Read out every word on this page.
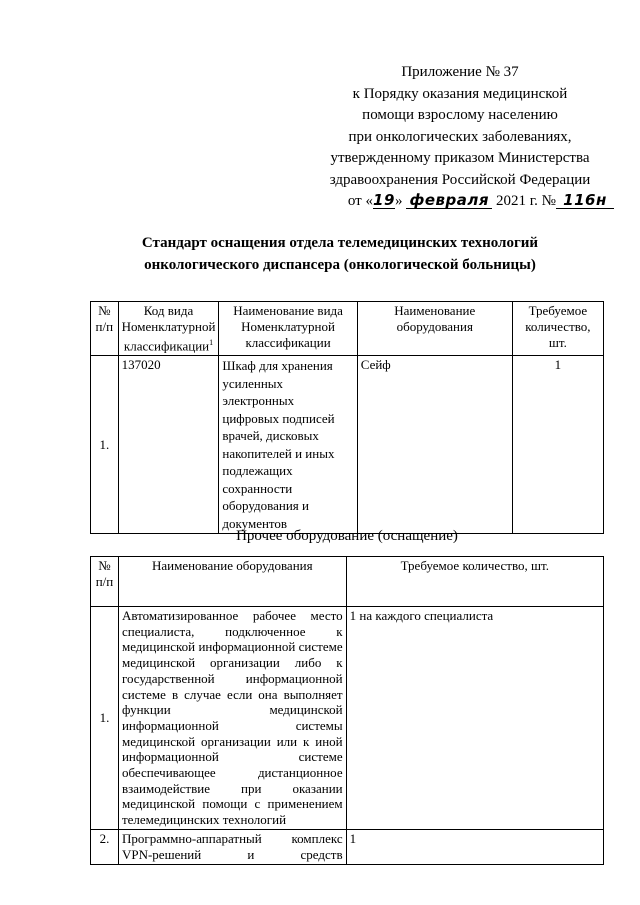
Приложение № 37
к Порядку оказания медицинской
помощи взрослому населению
при онкологических заболеваниях,
утвержденному приказом Министерства
здравоохранения Российской Федерации
от «19» февраля 2021 г. № 116н
Стандарт оснащения отдела телемедицинских технологий
онкологического диспансера (онкологической больницы)
№ п/п	Код вида Номенклатурной классификации$^1$	Наименование вида Номенклатурной классификации	Наименование оборудования	Требуемое количество, шт.
1.	137020	Шкаф для хранения усиленных электронных цифровых подписей врачей, дисковых накопителей и иных подлежащих сохранности оборудования и документов	Сейф	1
Прочее оборудование (оснащение)
№ п/п	Наименование оборудования	Требуемое количество, шт.
1.	Автоматизированное рабочее место специалиста, подключенное к медицинской информационной системе медицинской организации либо к государственной информационной системе в случае если она выполняет функции медицинской информационной системы медицинской организации или к иной информационной системе обеспечивающее дистанционное взаимодействие при оказании медицинской помощи с применением телемедицинских технологий	1 на каждого специалиста
2.	Программно-аппаратный комплекс VPN-решений и средств	1
